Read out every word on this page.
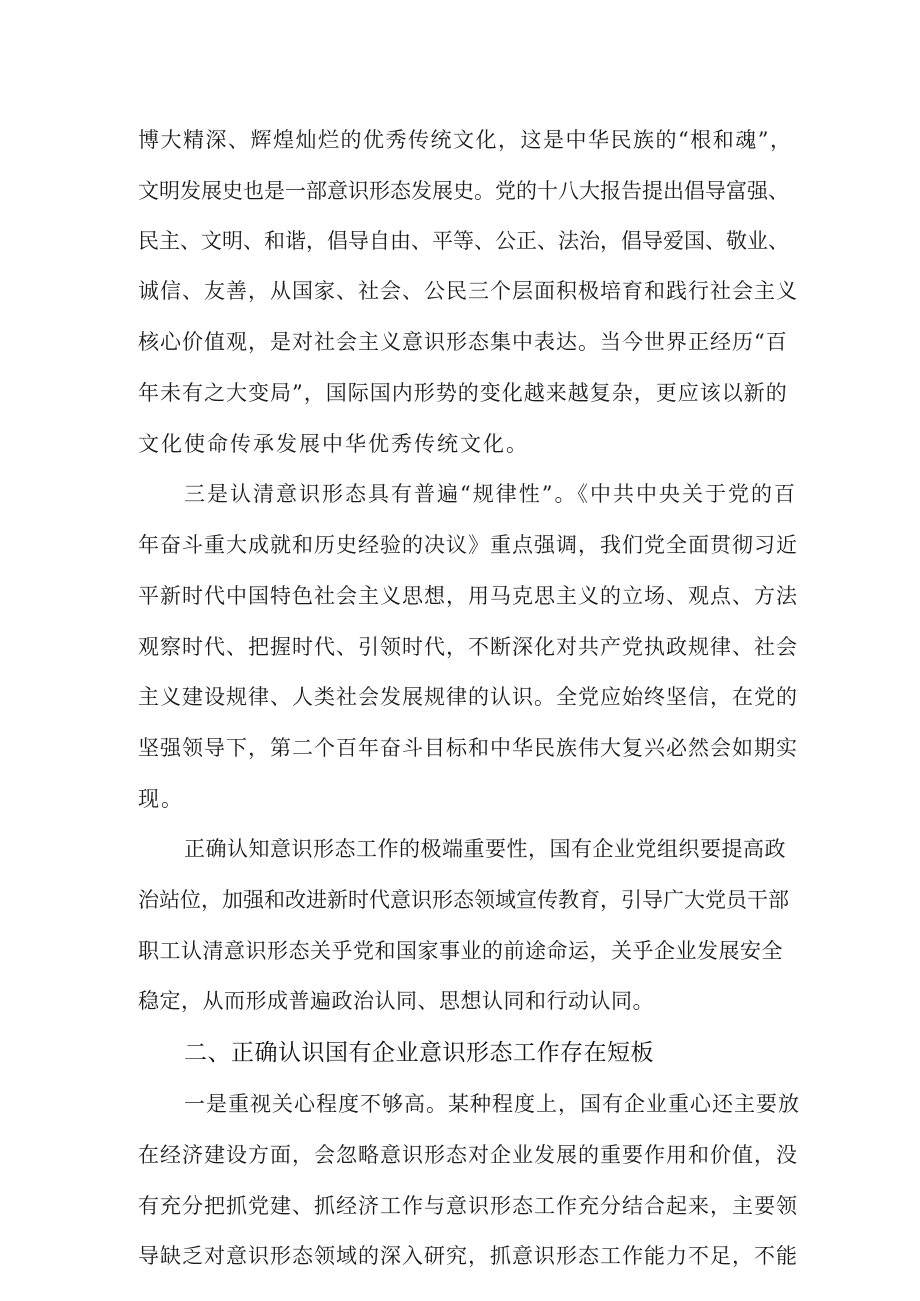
博大精深、辉煌灿烂的优秀传统文化，这是中华民族的“根和魂”，
文明发展史也是一部意识形态发展史。党的十八大报告提出倡导富强、
民主、文明、和谐，倡导自由、平等、公正、法治，倡导爱国、敬业、
诚信、友善，从国家、社会、公民三个层面积极培育和践行社会主义
核心价值观，是对社会主义意识形态集中表达。当今世界正经历“百
年未有之大变局”，国际国内形势的变化越来越复杂，更应该以新的
文化使命传承发展中华优秀传统文化。
三是认清意识形态具有普遍“规律性”。《中共中央关于党的百
年奋斗重大成就和历史经验的决议》重点强调，我们党全面贯彻习近
平新时代中国特色社会主义思想，用马克思主义的立场、观点、方法
观察时代、把握时代、引领时代，不断深化对共产党执政规律、社会
主义建设规律、人类社会发展规律的认识。全党应始终坚信，在党的
坚强领导下，第二个百年奋斗目标和中华民族伟大复兴必然会如期实
现。
正确认知意识形态工作的极端重要性，国有企业党组织要提高政
治站位，加强和改进新时代意识形态领域宣传教育，引导广大党员干部
职工认清意识形态关乎党和国家事业的前途命运，关乎企业发展安全
稳定，从而形成普遍政治认同、思想认同和行动认同。
二、正确认识国有企业意识形态工作存在短板
一是重视关心程度不够高。某种程度上，国有企业重心还主要放
在经济建设方面，会忽略意识形态对企业发展的重要作用和价值，没
有充分把抓党建、抓经济工作与意识形态工作充分结合起来，主要领
导缺乏对意识形态领域的深入研究，抓意识形态工作能力不足，不能
